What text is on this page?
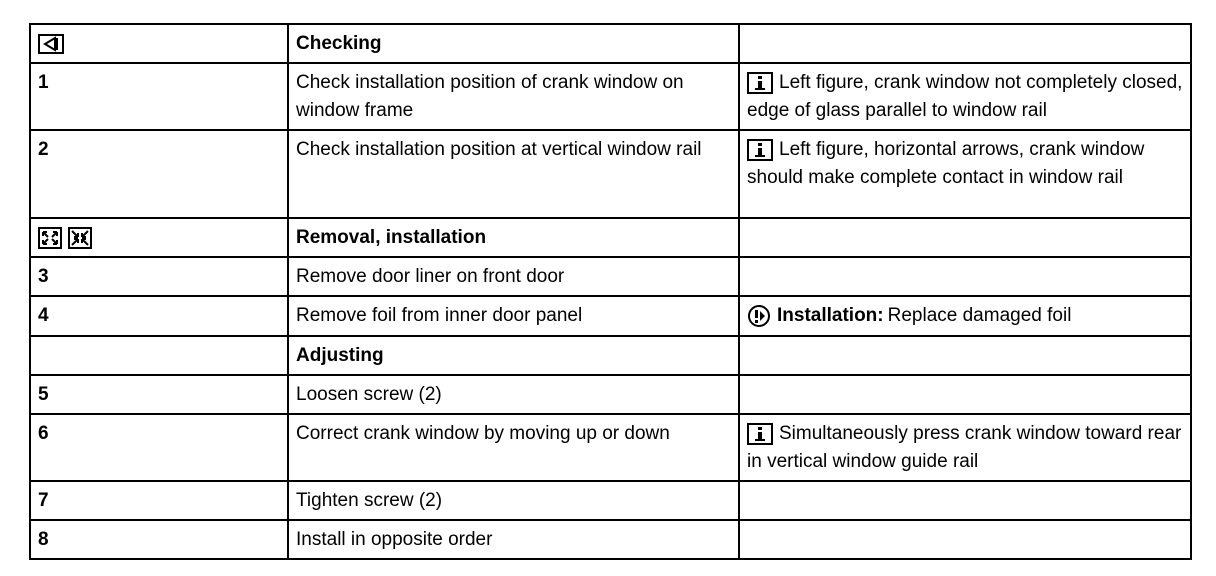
	Checking	
1	Check installation position of crank window on window frame	Left figure, crank window not completely closed, edge of glass parallel to window rail
2	Check installation position at vertical window rail	Left figure, horizontal arrows, crank window should make complete contact in window rail

	Removal, installation	
3	Remove door liner on front door	
4	Remove foil from inner door panel	Installation: Replace damaged foil
	Adjusting	
5	Loosen screw (2)	
6	Correct crank window by moving up or down	Simultaneously press crank window toward rear in vertical window guide rail
7	Tighten screw (2)	
8	Install in opposite order	
